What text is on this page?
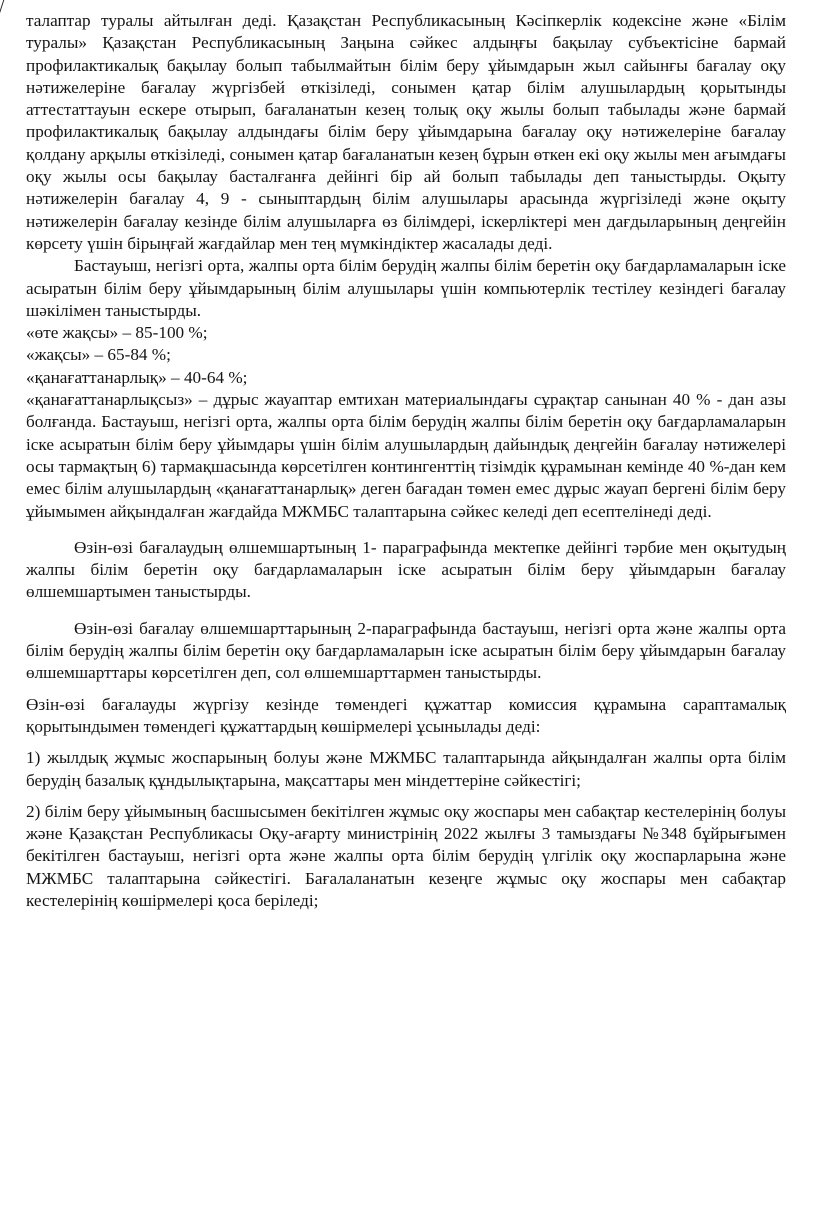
талаптар туралы айтылған деді. Қазақстан Республикасының Кәсіпкерлік кодексіне және «Білім туралы» Қазақстан Республикасының Заңына сәйкес алдыңғы бақылау субъектісіне бармай профилактикалық бақылау болып табылмайтын білім беру ұйымдарын жыл сайынғы бағалау оқу нәтижелеріне бағалау жүргізбей өткізіледі, сонымен қатар білім алушылардың қорытынды аттестаттауын ескере отырып, бағаланатын кезең толық оқу жылы болып табылады және бармай профилактикалық бақылау алдындағы білім беру ұйымдарына бағалау оқу нәтижелеріне бағалау қолдану арқылы өткізіледі, сонымен қатар бағаланатын кезең бұрын өткен екі оқу жылы мен ағымдағы оқу жылы осы бақылау басталғанға дейінгі бір ай болып табылады деп таныстырды. Оқыту нәтижелерін бағалау 4, 9 - сыныптардың білім алушылары арасында жүргізіледі және оқыту нәтижелерін бағалау кезінде білім алушыларға өз білімдері, іскерліктері мен дағдыларының деңгейін көрсету үшін бірыңғай жағдайлар мен тең мүмкіндіктер жасалады деді.

Бастауыш, негізгі орта, жалпы орта білім берудің жалпы білім беретін оқу бағдарламаларын іске асыратын білім беру ұйымдарының білім алушылары үшін компьютерлік тестілеу кезіндегі бағалау шәкілімен таныстырды.

«өте жақсы» – 85-100 %;

«жақсы» – 65-84 %;

«қанағаттанарлық» – 40-64 %;

«қанағаттанарлықсыз» – дұрыс жауаптар емтихан материалындағы сұрақтар санынан 40 % - дан азы болғанда. Бастауыш, негізгі орта, жалпы орта білім берудің жалпы білім беретін оқу бағдарламаларын іске асыратын білім беру ұйымдары үшін білім алушылардың дайындық деңгейін бағалау нәтижелері осы тармақтың 6) тармақшасында көрсетілген контингенттің тізімдік құрамынан кемінде 40 %-дан кем емес білім алушылардың «қанағаттанарлық» деген бағадан төмен емес дұрыс жауап бергені білім беру ұйымымен айқындалған жағдайда МЖМБС талаптарына сәйкес келеді деп есептелінеді деді.

Өзін-өзі бағалаудың өлшемшартының 1- параграфында мектепке дейінгі тәрбие мен оқытудың жалпы білім беретін оқу бағдарламаларын іске асыратын білім беру ұйымдарын бағалау өлшемшартымен таныстырды.

Өзін-өзі бағалау өлшемшарттарының 2-параграфында бастауыш, негізгі орта және жалпы орта білім берудің жалпы білім беретін оқу бағдарламаларын іске асыратын білім беру ұйымдарын бағалау өлшемшарттары көрсетілген деп, сол өлшемшарттармен таныстырды.

Өзін-өзі бағалауды жүргізу кезінде төмендегі құжаттар комиссия құрамына сараптамалық қорытындымен төмендегі құжаттардың көшірмелері ұсынылады деді:

1) жылдық жұмыс жоспарының болуы және МЖМБС талаптарында айқындалған жалпы орта білім берудің базалық құндылықтарына, мақсаттары мен міндеттеріне сәйкестігі;

2) білім беру ұйымының басшысымен бекітілген жұмыс оқу жоспары мен сабақтар кестелерінің болуы және Қазақстан Республикасы Оқу-ағарту министрінің 2022 жылғы 3 тамыздағы №348 бұйрығымен бекітілген бастауыш, негізгі орта және жалпы орта білім берудің үлгілік оқу жоспарларына және МЖМБС талаптарына сәйкестігі. Бағалаланатын кезеңге жұмыс оқу жоспары мен сабақтар кестелерінің көшірмелері қоса беріледі;
